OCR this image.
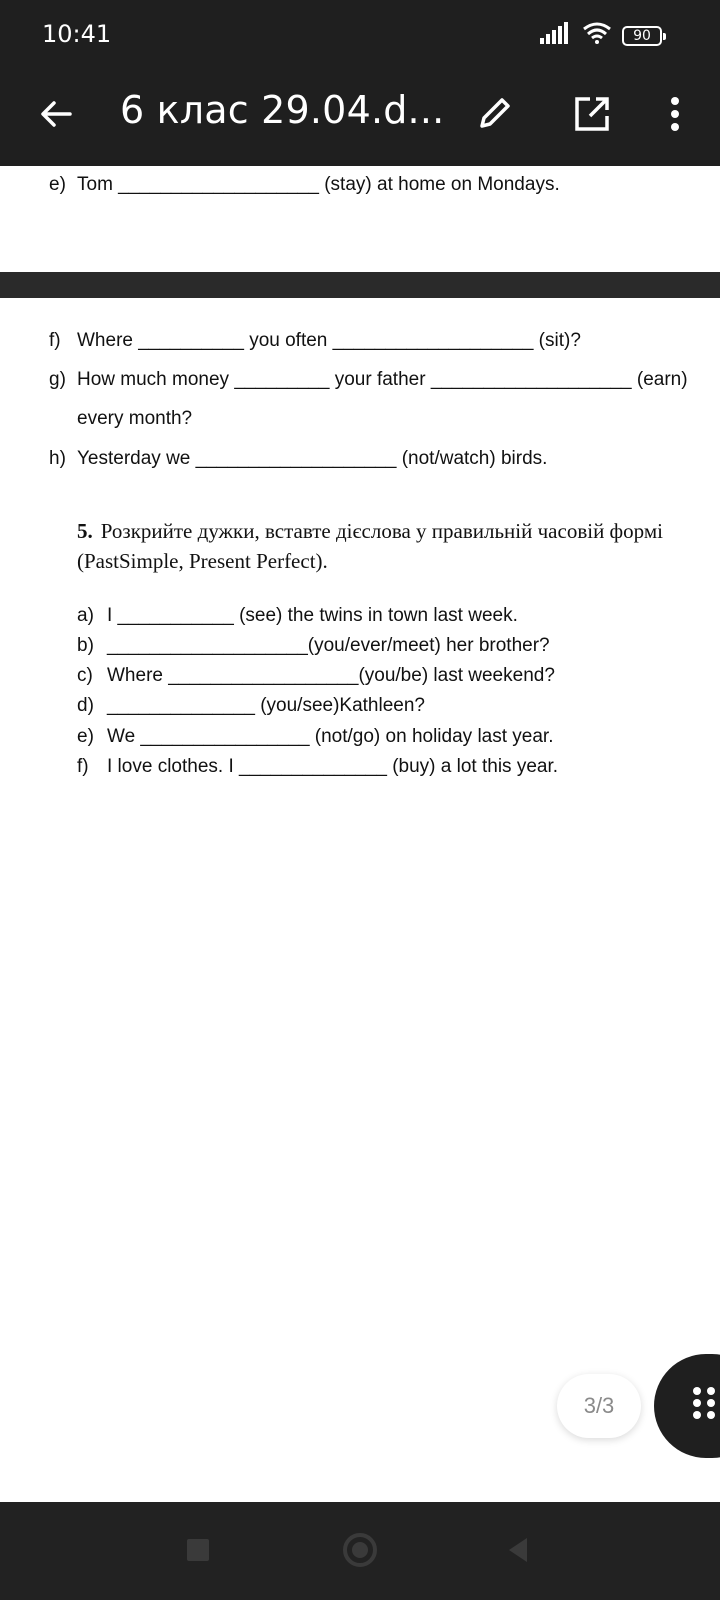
10:41	90
6 клас 29.04.d...
e) Tom ___________________ (stay) at home on Mondays.
f) Where __________ you often ___________________ (sit)?
g) How much money _________ your father ___________________ (earn)
every month?
h) Yesterday we ___________________ (not/watch) birds.
5. Розкрийте дужки, вставте дієслова у правильній часовій формі (PastSimple, Present Perfect).
a) I ___________ (see) the twins in town last week.
b) ___________________(you/ever/meet) her brother?
c) Where __________________(you/be) last weekend?
d) ______________ (you/see)Kathleen?
e) We ________________ (not/go) on holiday last year.
f) I love clothes. I ______________ (buy) a lot this year.
3/3
